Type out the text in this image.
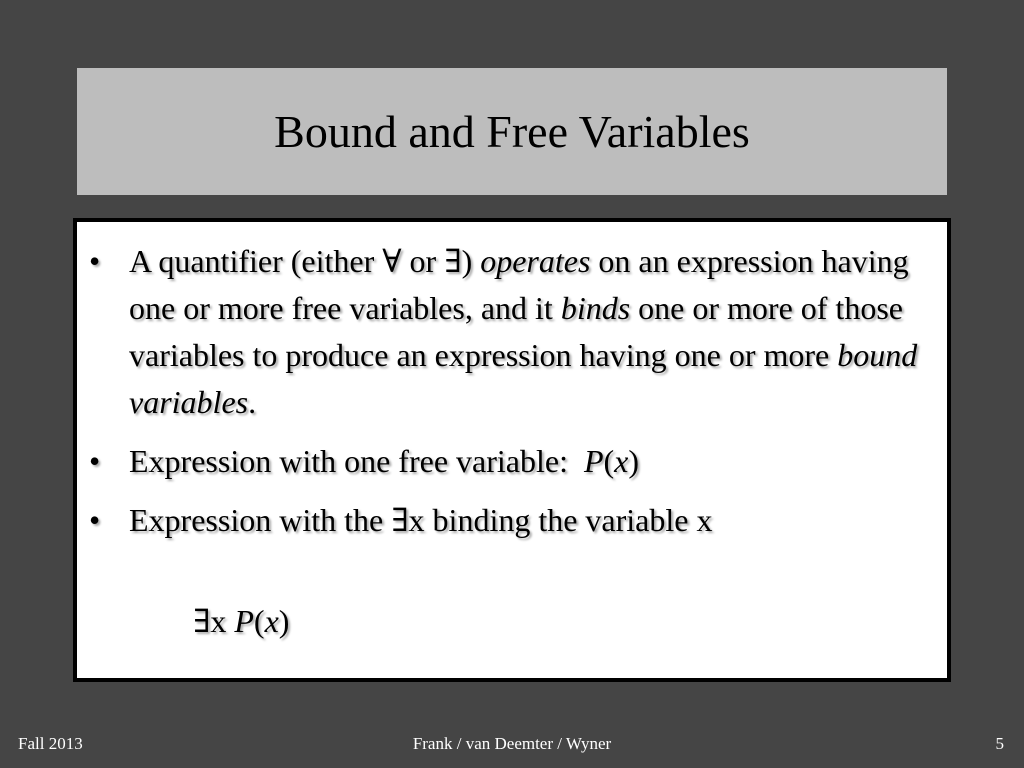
Bound and Free Variables
• A quantifier (either ∀ or ∃) operates on an expression having one or more free variables, and it binds one or more of those variables to produce an expression having one or more bound variables.
• Expression with one free variable:  P(x)
• Expression with the ∃x binding the variable x
∃x P(x)
Fall 2013	Frank / van Deemter / Wyner	5
